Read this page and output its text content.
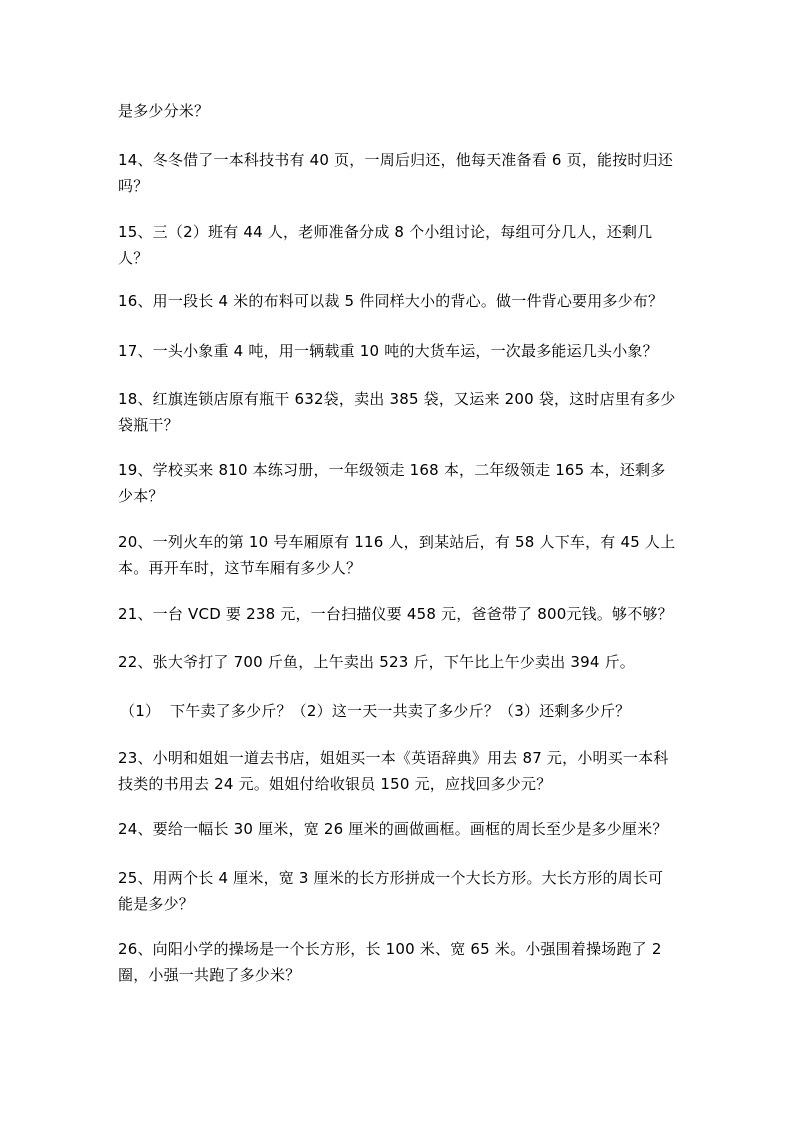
是多少分米？

14、冬冬借了一本科技书有 40 页，一周后归还，他每天准备看 6 页，能按时归还吗？

15、三（2）班有 44 人，老师准备分成 8 个小组讨论，每组可分几人，还剩几人？

16、用一段长 4 米的布料可以裁 5 件同样大小的背心。做一件背心要用多少布？

17、一头小象重 4 吨，用一辆载重 10 吨的大货车运，一次最多能运几头小象？

18、红旗连锁店原有瓶干 632袋，卖出 385 袋，又运来 200 袋，这时店里有多少袋瓶干？

19、学校买来 810 本练习册，一年级领走 168 本，二年级领走 165 本，还剩多少本？

20、一列火车的第 10 号车厢原有 116 人，到某站后，有 58 人下车，有 45 人上本。再开车时，这节车厢有多少人？

21、一台 VCD 要 238 元，一台扫描仪要 458 元，爸爸带了 800元钱。够不够？

22、张大爷打了 700 斤鱼，上午卖出 523 斤，下午比上午少卖出 394 斤。

（1）  下午卖了多少斤？（2）这一天一共卖了多少斤？（3）还剩多少斤？

23、小明和姐姐一道去书店，姐姐买一本《英语辞典》用去 87 元，小明买一本科技类的书用去 24 元。姐姐付给收银员 150 元，应找回多少元？

24、要给一幅长 30 厘米，宽 26 厘米的画做画框。画框的周长至少是多少厘米？

25、用两个长 4 厘米，宽 3 厘米的长方形拼成一个大长方形。大长方形的周长可能是多少？

26、向阳小学的操场是一个长方形，长 100 米、宽 65 米。小强围着操场跑了 2 圈，小强一共跑了多少米？
